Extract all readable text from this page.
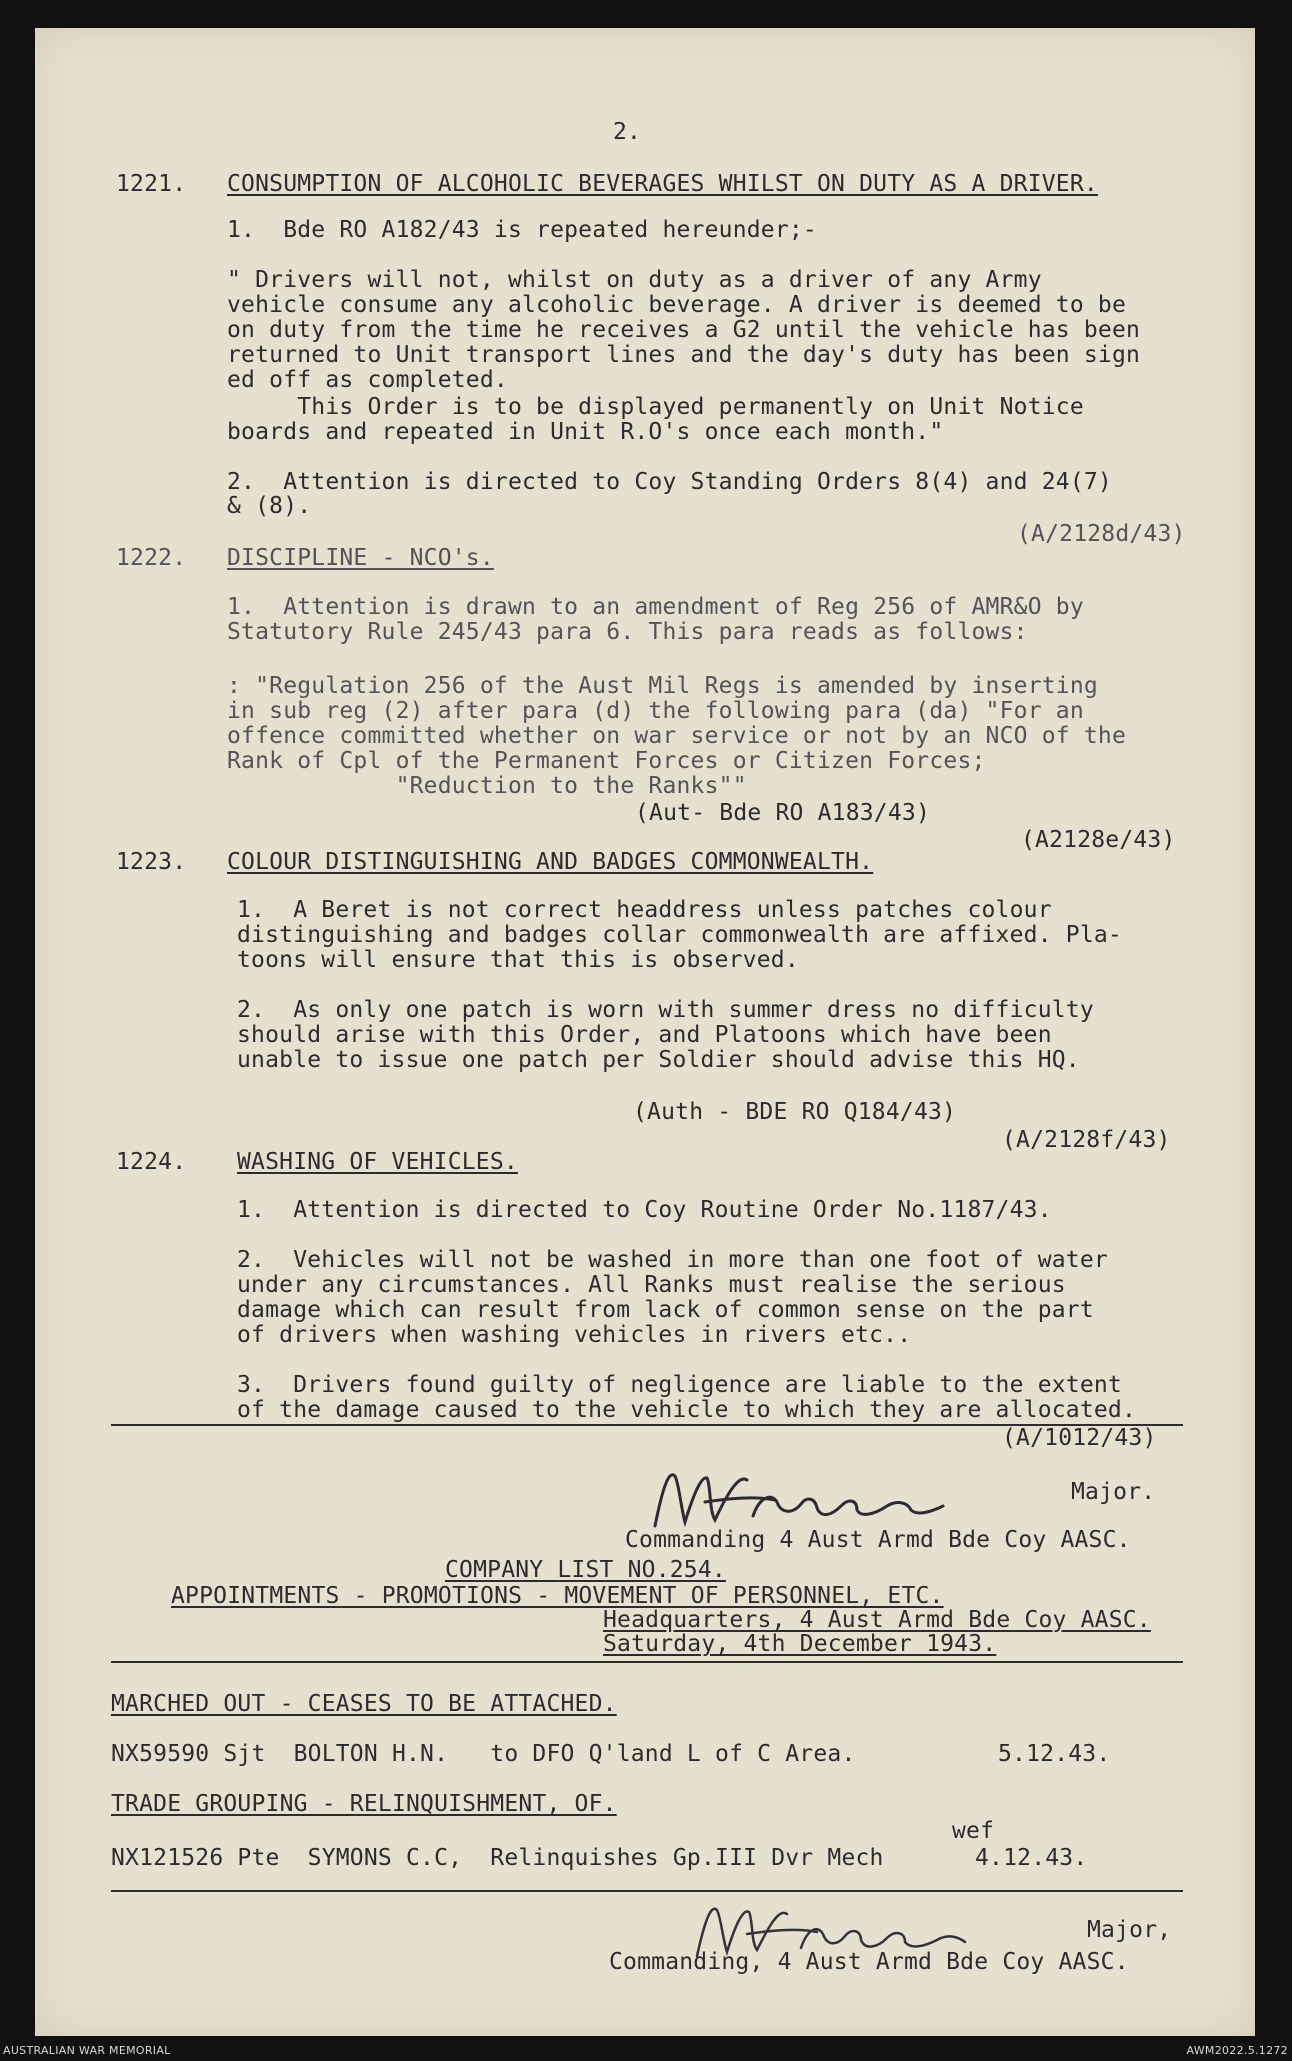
2.
1221. CONSUMPTION OF ALCOHOLIC BEVERAGES WHILST ON DUTY AS A DRIVER.
1.  Bde RO A182/43 is repeated hereunder;-
" Drivers will not, whilst on duty as a driver of any Army
vehicle consume any alcoholic beverage. A driver is deemed to be
on duty from the time he receives a G2 until the vehicle has been
returned to Unit transport lines and the day's duty has been sign
ed off as completed.
This Order is to be displayed permanently on Unit Notice
boards and repeated in Unit R.O's once each month."
2.  Attention is directed to Coy Standing Orders 8(4) and 24(7)
& (8).
(A/2128d/43)
1222. DISCIPLINE - NCO's.
1.  Attention is drawn to an amendment of Reg 256 of AMR&O by
Statutory Rule 245/43 para 6. This para reads as follows:
: "Regulation 256 of the Aust Mil Regs is amended by inserting
in sub reg (2) after para (d) the following para (da) "For an
offence committed whether on war service or not by an NCO of the
Rank of Cpl of the Permanent Forces or Citizen Forces;
"Reduction to the Ranks""
(Aut- Bde RO A183/43)
(A2128e/43)
1223. COLOUR DISTINGUISHING AND BADGES COMMONWEALTH.
1.  A Beret is not correct headdress unless patches colour
distinguishing and badges collar commonwealth are affixed. Pla-
toons will ensure that this is observed.
2.  As only one patch is worn with summer dress no difficulty
should arise with this Order, and Platoons which have been
unable to issue one patch per Soldier should advise this HQ.
(Auth - BDE RO Q184/43)
(A/2128f/43)
1224. WASHING OF VEHICLES.
1.  Attention is directed to Coy Routine Order No.1187/43.
2.  Vehicles will not be washed in more than one foot of water
under any circumstances. All Ranks must realise the serious
damage which can result from lack of common sense on the part
of drivers when washing vehicles in rivers etc..
3.  Drivers found guilty of negligence are liable to the extent
of the damage caused to the vehicle to which they are allocated.
(A/1012/43)
Major.
Commanding 4 Aust Armd Bde Coy AASC.
COMPANY LIST NO.254.
APPOINTMENTS - PROMOTIONS - MOVEMENT OF PERSONNEL, ETC.
Headquarters, 4 Aust Armd Bde Coy AASC.
Saturday, 4th December 1943.
MARCHED OUT - CEASES TO BE ATTACHED.
NX59590 Sjt  BOLTON H.N.   to DFO Q'land L of C Area.	5.12.43.
TRADE GROUPING - RELINQUISHMENT, OF.
wef
NX121526 Pte  SYMONS C.C,  Relinquishes Gp.III Dvr Mech	4.12.43.
Major,
Commanding, 4 Aust Armd Bde Coy AASC.
AUSTRALIAN WAR MEMORIAL	AWM2022.5.1272
